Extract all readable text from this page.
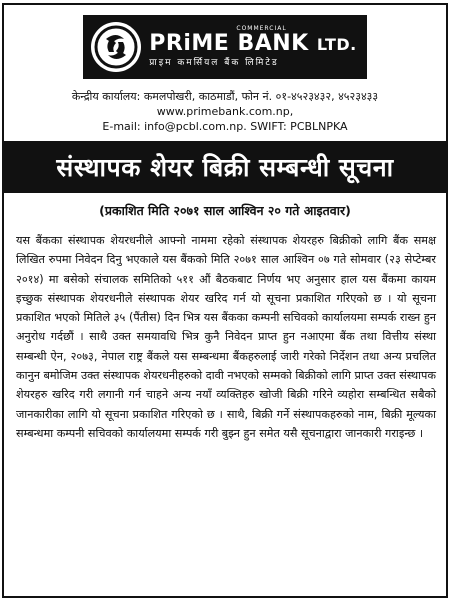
COMMERCIAL
PRiME BANK LTD.
प्राइम कमर्सियल बैंक लिमिटेड
केन्द्रीय कार्यालय: कमलपोखरी, काठमाडौं, फोन नं. ०१-४५२३४३२, ४५२३४३३
www.primebank.com.np,
E-mail: info@pcbl.com.np. SWIFT: PCBLNPKA
संस्थापक शेयर बिक्री सम्बन्धी सूचना
(प्रकाशित मिति २०७१ साल आश्विन २० गते आइतवार)
यस बैंकका संस्थापक शेयरधनीले आफ्नो नाममा रहेको संस्थापक शेयरहरु बिक्रीको लागि बैंक समक्ष लिखित रुपमा निवेदन दिनु भएकाले यस बैंकको मिति २०७१ साल आश्विन ०७ गते सोमवार (२३ सेप्टेम्बर २०१४) मा बसेको संचालक समितिको ५११ औं बैठकबाट निर्णय भए अनुसार हाल यस बैंकमा कायम इच्छुक संस्थापक शेयरधनीले संस्थापक शेयर खरिद गर्न यो सूचना प्रकाशित गरिएको छ । यो सूचना प्रकाशित भएको मितिले ३५ (पैंतीस) दिन भित्र यस बैंकका कम्पनी सचिवको कार्यालयमा सम्पर्क राख्न हुन अनुरोध गर्दछौं । साथै उक्त समयावधि भित्र कुनै निवेदन प्राप्त हुन नआएमा बैंक तथा वित्तीय संस्था सम्बन्धी ऐन, २०७३, नेपाल राष्ट्र बैंकले यस सम्बन्धमा बैंकहरुलाई जारी गरेको निर्देशन तथा अन्य प्रचलित कानुन बमोजिम उक्त संस्थापक शेयरधनीहरुको दावी नभएको सम्मको बिक्रीको लागि प्राप्त उक्त संस्थापक शेयरहरु खरिद गरी लगानी गर्न चाहने अन्य नयाँ व्यक्तिहरु खोजी बिक्री गरिने व्यहोरा सम्बन्धित सबैको जानकारीका लागि यो सूचना प्रकाशित गरिएको छ । साथै, बिक्री गर्ने संस्थापकहरुको नाम, बिक्री मूल्यका सम्बन्धमा कम्पनी सचिवको कार्यालयमा सम्पर्क गरी बुझ्न हुन समेत यसै सूचनाद्वारा जानकारी गराइन्छ ।
